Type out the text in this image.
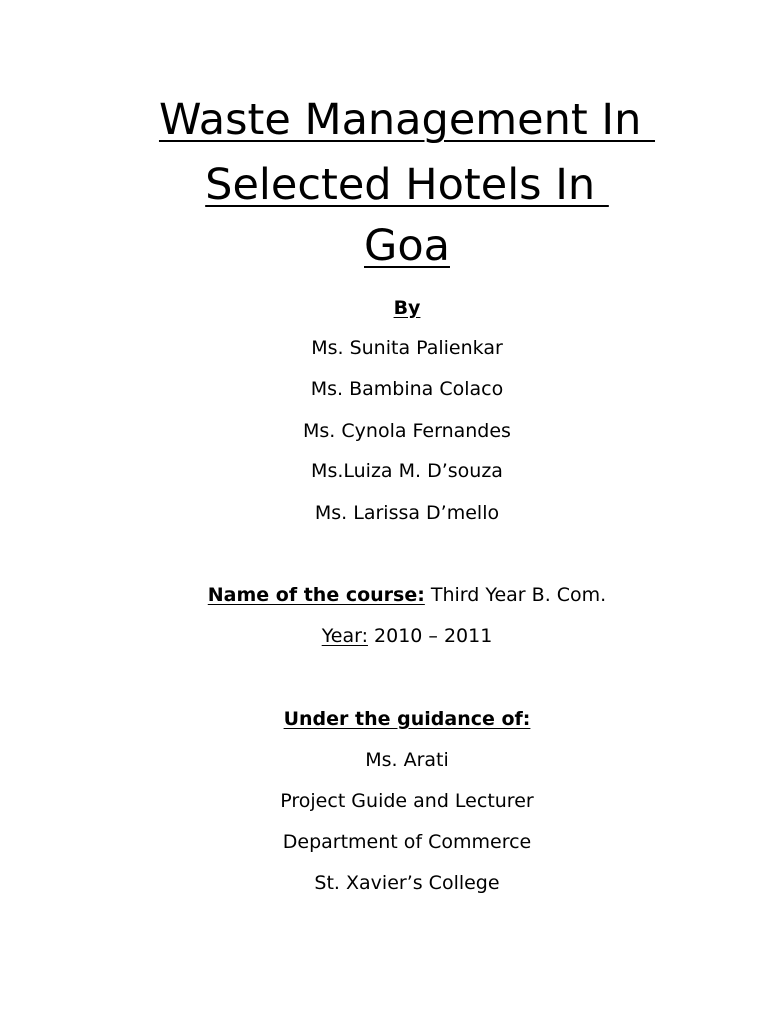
Waste Management In
Selected Hotels In
Goa
By
Ms. Sunita Palienkar
Ms. Bambina Colaco
Ms. Cynola Fernandes
Ms.Luiza M. D’souza
Ms. Larissa D’mello
Name of the course: Third Year B. Com.
Year: 2010 – 2011
Under the guidance of:
Ms. Arati
Project Guide and Lecturer
Department of Commerce
St. Xavier’s College
